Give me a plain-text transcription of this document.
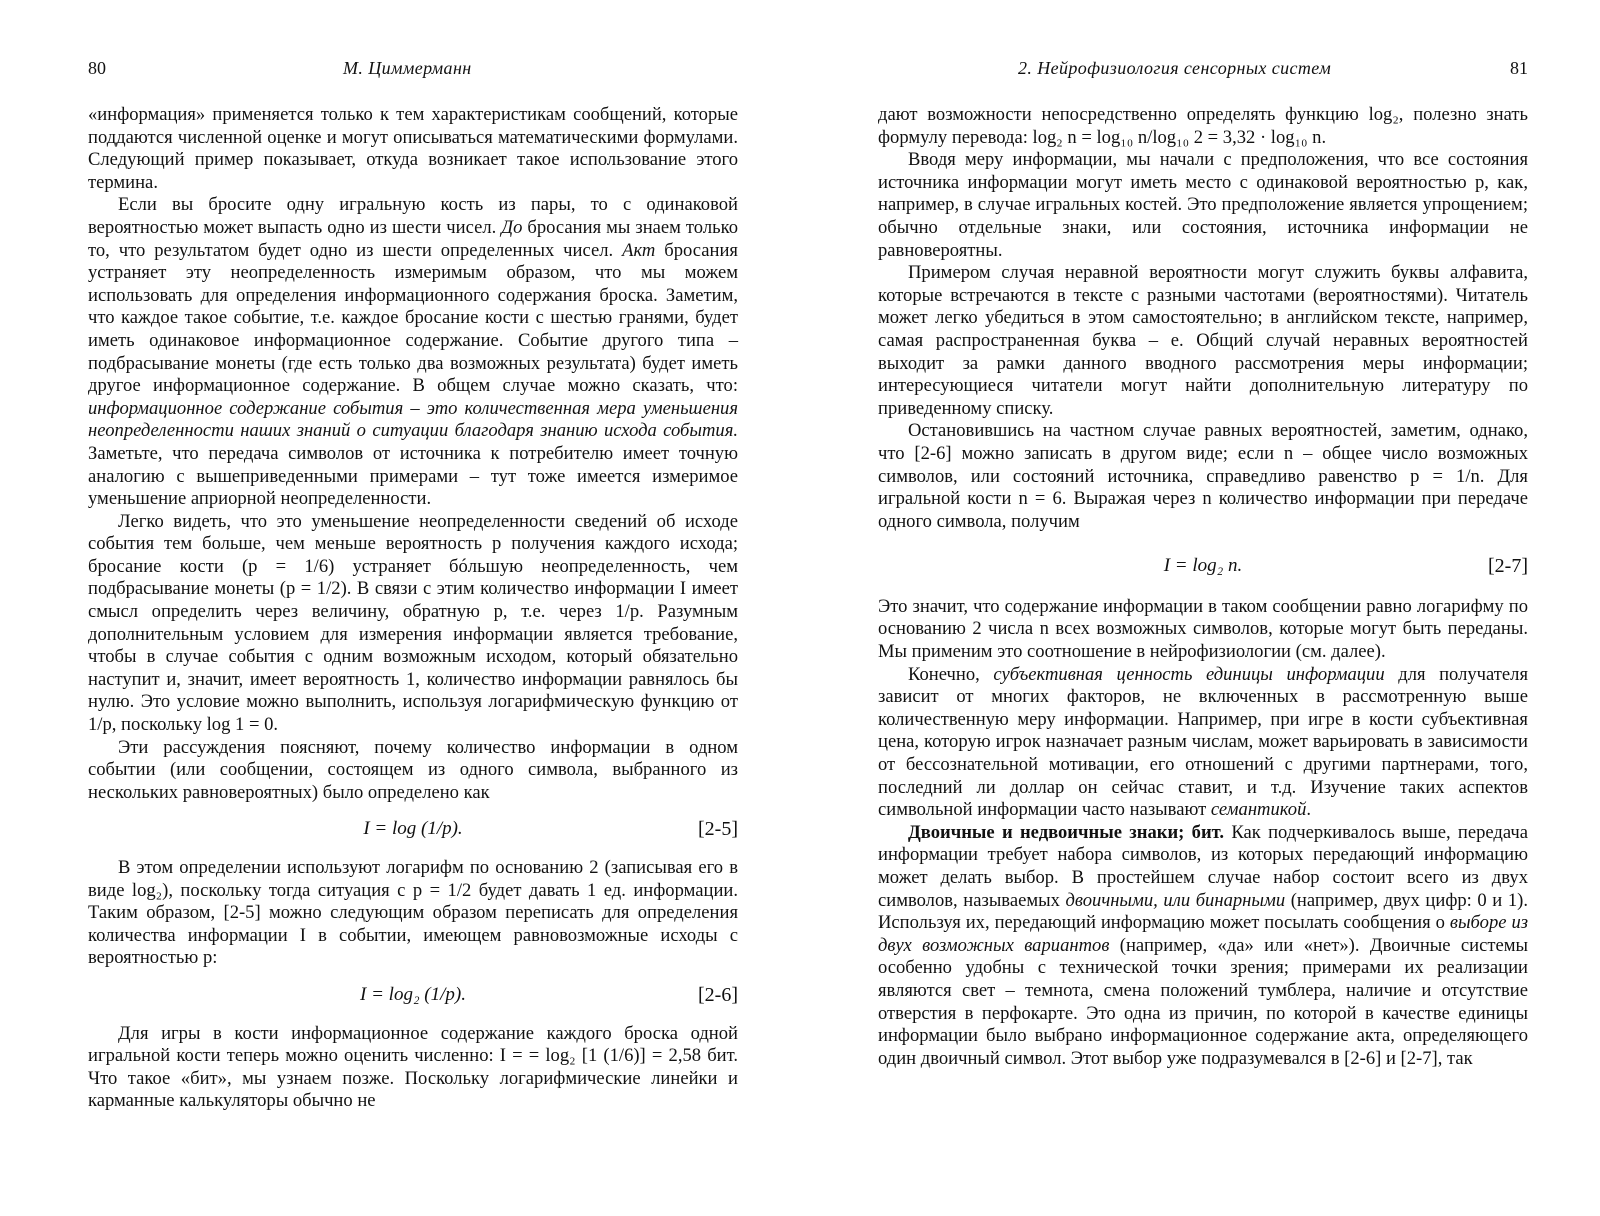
80	М. Циммерманн

«информация» применяется только к тем характеристикам сообщений, которые поддаются численной оценке и могут описываться математическими формулами. Следующий пример показывает, откуда возникает такое использование этого термина.

Если вы бросите одну игральную кость из пары, то с одинаковой вероятностью может выпасть одно из шести чисел. До бросания мы знаем только то, что результатом будет одно из шести определенных чисел. Акт бросания устраняет эту неопределенность измеримым образом, что мы можем использовать для определения информационного содержания броска. Заметим, что каждое такое событие, т.е. каждое бросание кости с шестью гранями, будет иметь одинаковое информационное содержание. Событие другого типа – подбрасывание монеты (где есть только два возможных результата) будет иметь другое информационное содержание. В общем случае можно сказать, что: информационное содержание события – это количественная мера уменьшения неопределенности наших знаний о ситуации благодаря знанию исхода события. Заметьте, что передача символов от источника к потребителю имеет точную аналогию с вышеприведенными примерами – тут тоже имеется измеримое уменьшение априорной неопределенности.

Легко видеть, что это уменьшение неопределенности сведений об исходе события тем больше, чем меньше вероятность p получения каждого исхода; бросание кости (p = 1/6) устраняет бóльшую неопределенность, чем подбрасывание монеты (p = 1/2). В связи с этим количество информации I имеет смысл определить через величину, обратную p, т.е. через 1/p. Разумным дополнительным условием для измерения информации является требование, чтобы в случае события с одним возможным исходом, который обязательно наступит и, значит, имеет вероятность 1, количество информации равнялось бы нулю. Это условие можно выполнить, используя логарифмическую функцию от 1/p, поскольку log 1 = 0.

Эти рассуждения поясняют, почему количество информации в одном событии (или сообщении, состоящем из одного символа, выбранного из нескольких равновероятных) было определено как

I = log (1/p).	[2-5]

В этом определении используют логарифм по основанию 2 (записывая его в виде log₂), поскольку тогда ситуация с p = 1/2 будет давать 1 ед. информации. Таким образом, [2-5] можно следующим образом переписать для определения количества информации I в событии, имеющем равновозможные исходы с вероятностью p:

I = log₂ (1/p).	[2-6]

Для игры в кости информационное содержание каждого броска одной игральной кости теперь можно оценить численно: I = = log₂ [1 (1/6)] = 2,58 бит. Что такое «бит», мы узнаем позже. Поскольку логарифмические линейки и карманные калькуляторы обычно не

2. Нейрофизиология сенсорных систем	81

дают возможности непосредственно определять функцию log₂, полезно знать формулу перевода: log₂ n = log₁₀ n/log₁₀ 2 = 3,32 · log₁₀ n.

Вводя меру информации, мы начали с предположения, что все состояния источника информации могут иметь место с одинаковой вероятностью p, как, например, в случае игральных костей. Это предположение является упрощением; обычно отдельные знаки, или состояния, источника информации не равновероятны.

Примером случая неравной вероятности могут служить буквы алфавита, которые встречаются в тексте с разными частотами (вероятностями). Читатель может легко убедиться в этом самостоятельно; в английском тексте, например, самая распространенная буква – e. Общий случай неравных вероятностей выходит за рамки данного вводного рассмотрения меры информации; интересующиеся читатели могут найти дополнительную литературу по приведенному списку.

Остановившись на частном случае равных вероятностей, заметим, однако, что [2-6] можно записать в другом виде; если n – общее число возможных символов, или состояний источника, справедливо равенство p = 1/n. Для игральной кости n = 6. Выражая через n количество информации при передаче одного символа, получим

I = log₂ n.	[2-7]

Это значит, что содержание информации в таком сообщении равно логарифму по основанию 2 числа n всех возможных символов, которые могут быть переданы. Мы применим это соотношение в нейрофизиологии (см. далее).

Конечно, субъективная ценность единицы информации для получателя зависит от многих факторов, не включенных в рассмотренную выше количественную меру информации. Например, при игре в кости субъективная цена, которую игрок назначает разным числам, может варьировать в зависимости от бессознательной мотивации, его отношений с другими партнерами, того, последний ли доллар он сейчас ставит, и т.д. Изучение таких аспектов символьной информации часто называют семантикой.

Двоичные и недвоичные знаки; бит. Как подчеркивалось выше, передача информации требует набора символов, из которых передающий информацию может делать выбор. В простейшем случае набор состоит всего из двух символов, называемых двоичными, или бинарными (например, двух цифр: 0 и 1). Используя их, передающий информацию может посылать сообщения о выборе из двух возможных вариантов (например, «да» или «нет»). Двоичные системы особенно удобны с технической точки зрения; примерами их реализации являются свет – темнота, смена положений тумблера, наличие и отсутствие отверстия в перфокарте. Это одна из причин, по которой в качестве единицы информации было выбрано информационное содержание акта, определяющего один двоичный символ. Этот выбор уже подразумевался в [2-6] и [2-7], так
